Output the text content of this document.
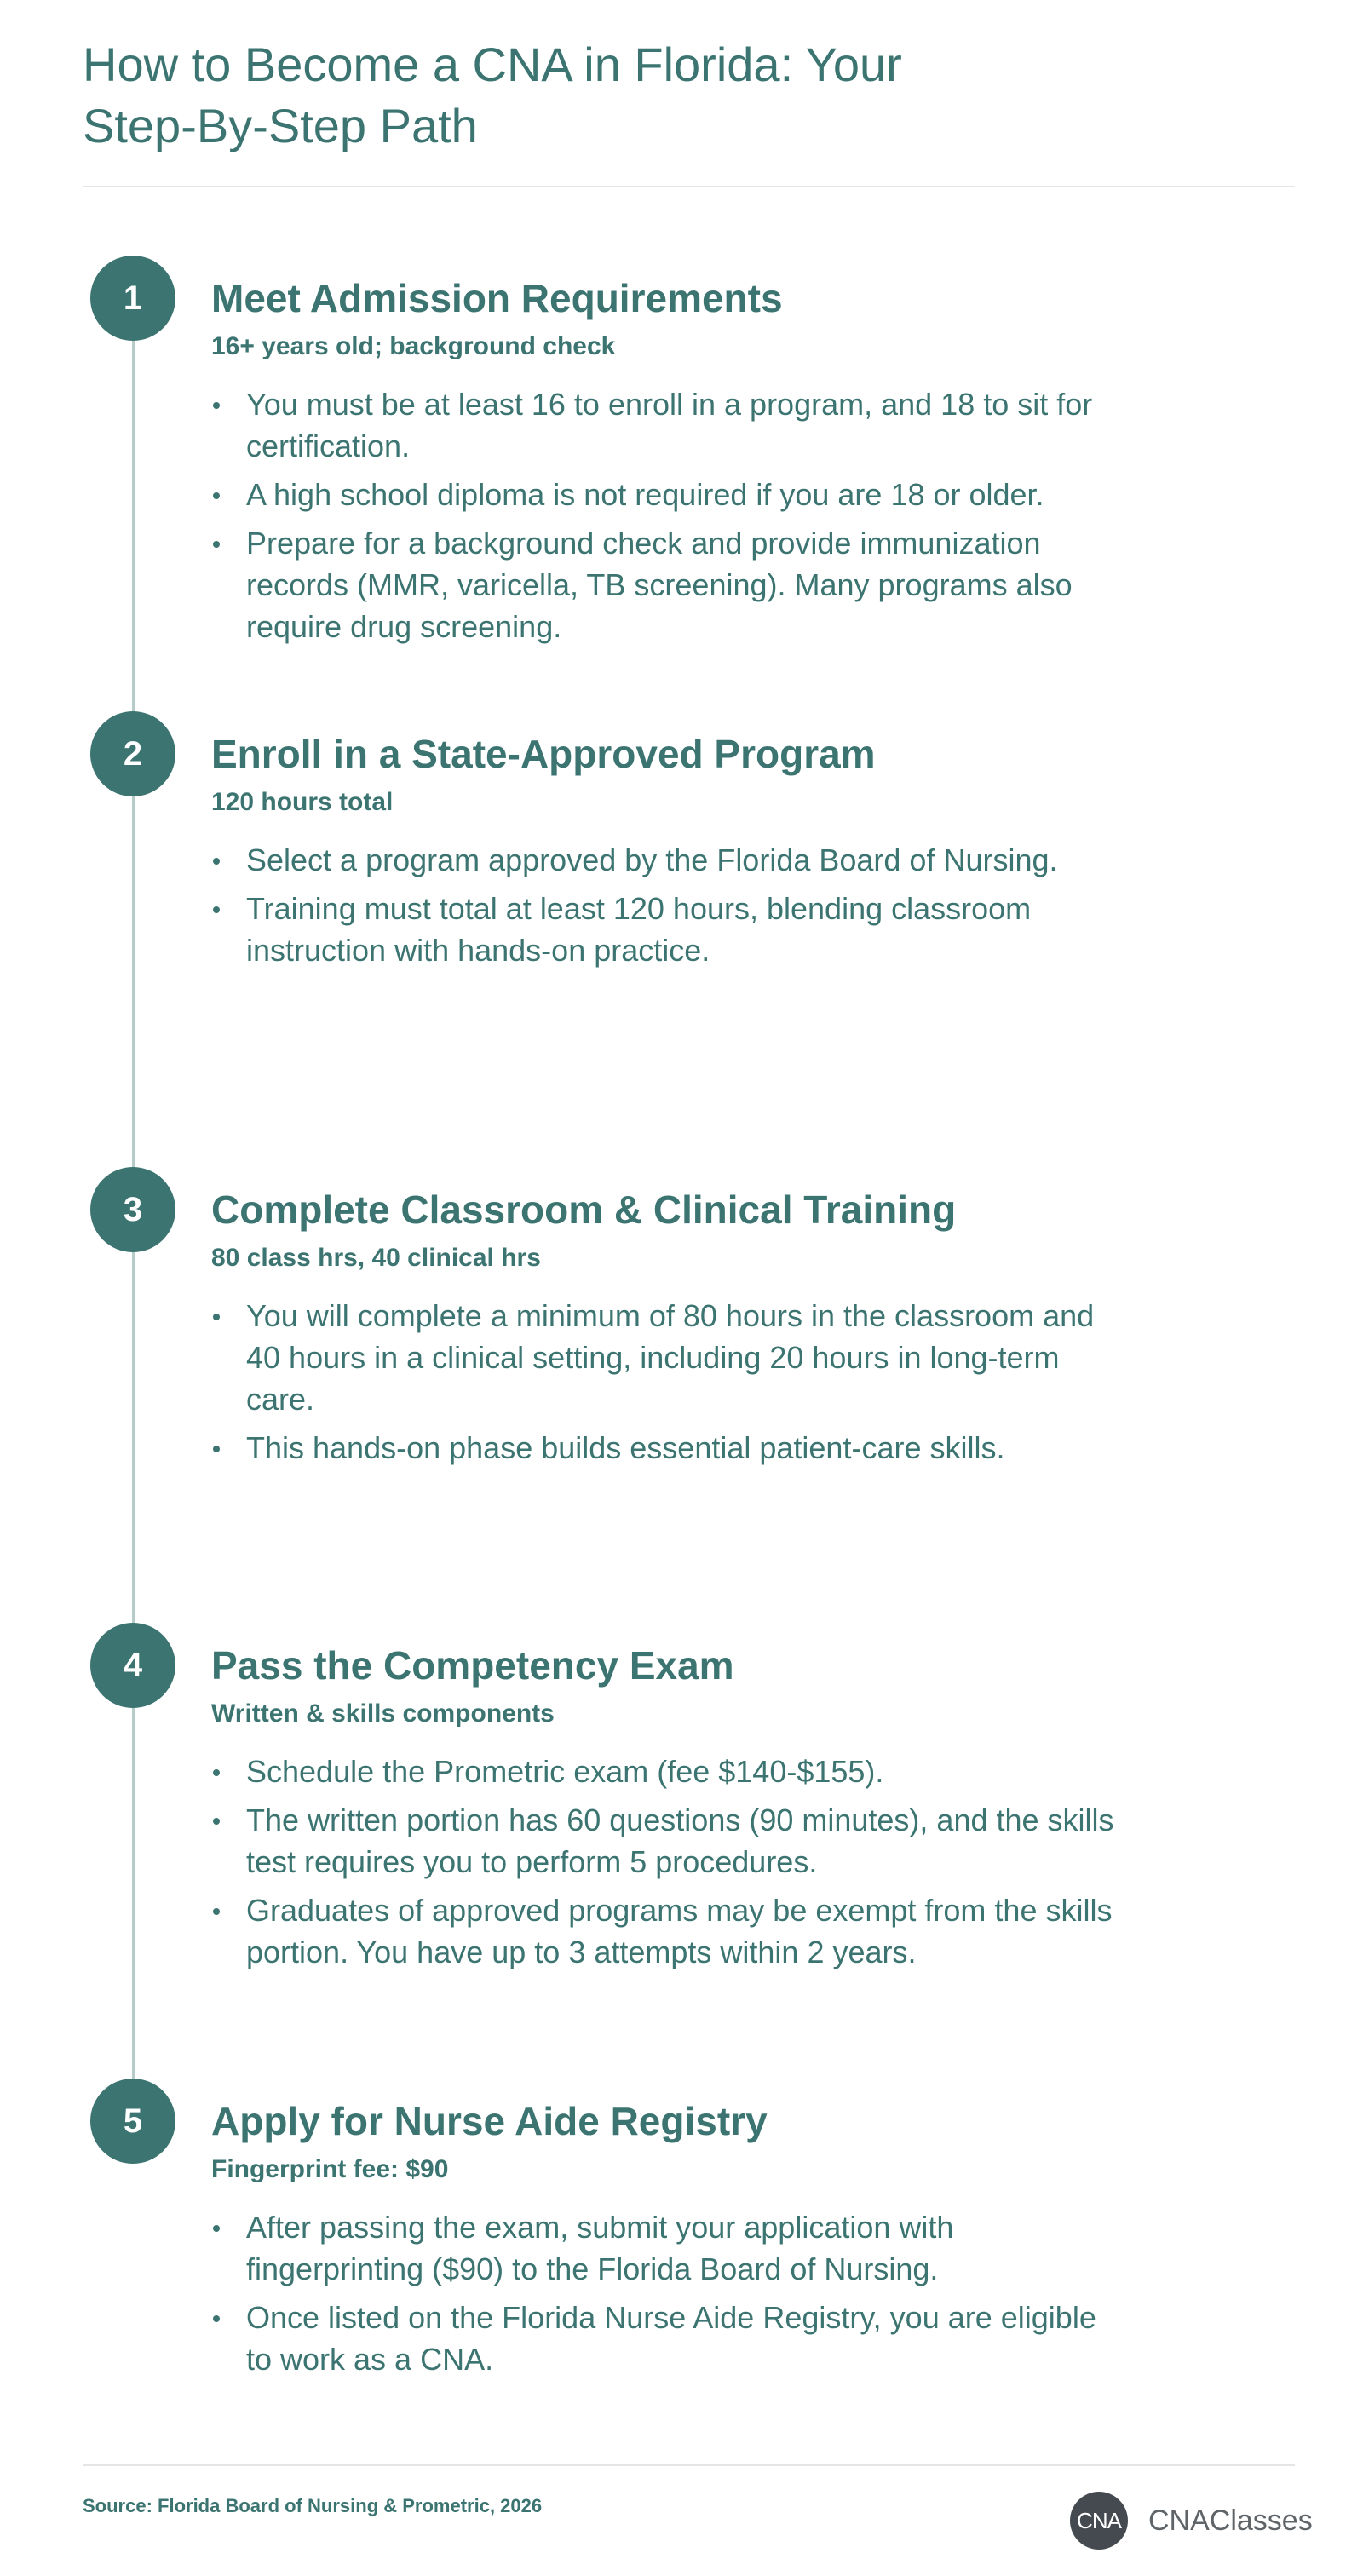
How to Become a CNA in Florida: Your Step-By-Step Path
1	Meet Admission Requirements
16+ years old; background check
You must be at least 16 to enroll in a program, and 18 to sit for certification.
A high school diploma is not required if you are 18 or older.
Prepare for a background check and provide immunization records (MMR, varicella, TB screening). Many programs also require drug screening.
2	Enroll in a State-Approved Program
120 hours total
Select a program approved by the Florida Board of Nursing.
Training must total at least 120 hours, blending classroom instruction with hands-on practice.
3	Complete Classroom & Clinical Training
80 class hrs, 40 clinical hrs
You will complete a minimum of 80 hours in the classroom and 40 hours in a clinical setting, including 20 hours in long-term care.
This hands-on phase builds essential patient-care skills.
4	Pass the Competency Exam
Written & skills components
Schedule the Prometric exam (fee $140-$155).
The written portion has 60 questions (90 minutes), and the skills test requires you to perform 5 procedures.
Graduates of approved programs may be exempt from the skills portion. You have up to 3 attempts within 2 years.
5	Apply for Nurse Aide Registry
Fingerprint fee: $90
After passing the exam, submit your application with fingerprinting ($90) to the Florida Board of Nursing.
Once listed on the Florida Nurse Aide Registry, you are eligible to work as a CNA.
Source: Florida Board of Nursing & Prometric, 2026
CNA CNAClasses
